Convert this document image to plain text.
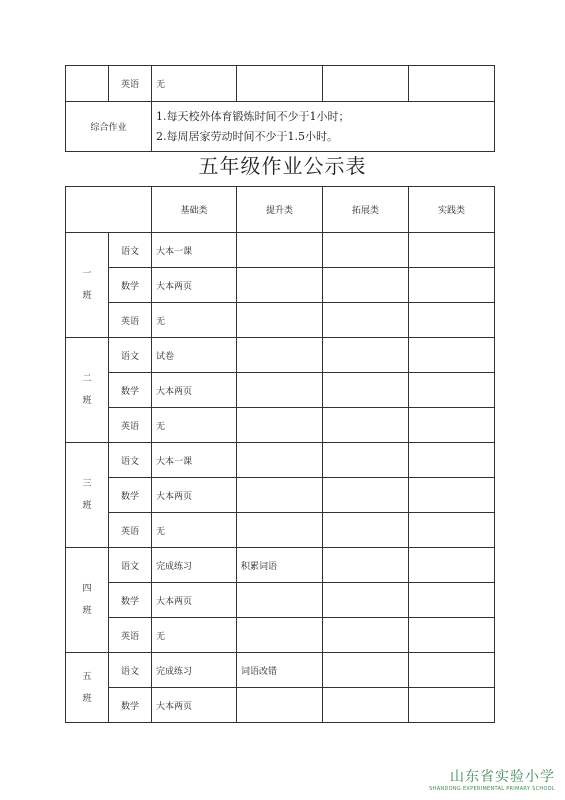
	英语	无			
综合作业		1.每天校外体育锻炼时间不少于1小时；
2.每周居家劳动时间不少于1.5小时。			
五年级作业公示表
		基础类	提升类	拓展类	实践类

一
班	语文	大本一课			
	数学	大本两页			
	英语	无			

二
班	语文	试卷			
	数学	大本两页			
	英语	无			

三
班	语文	大本一课			
	数学	大本两页			
	英语	无			

四
班	语文	完成练习	积累词语		
	数学	大本两页			
	英语	无			

五
班	语文	完成练习	词语改错		
	数学	大本两页			
山东省实验小学
SHANDONG EXPERIMENTAL PRIMARY SCHOOL
